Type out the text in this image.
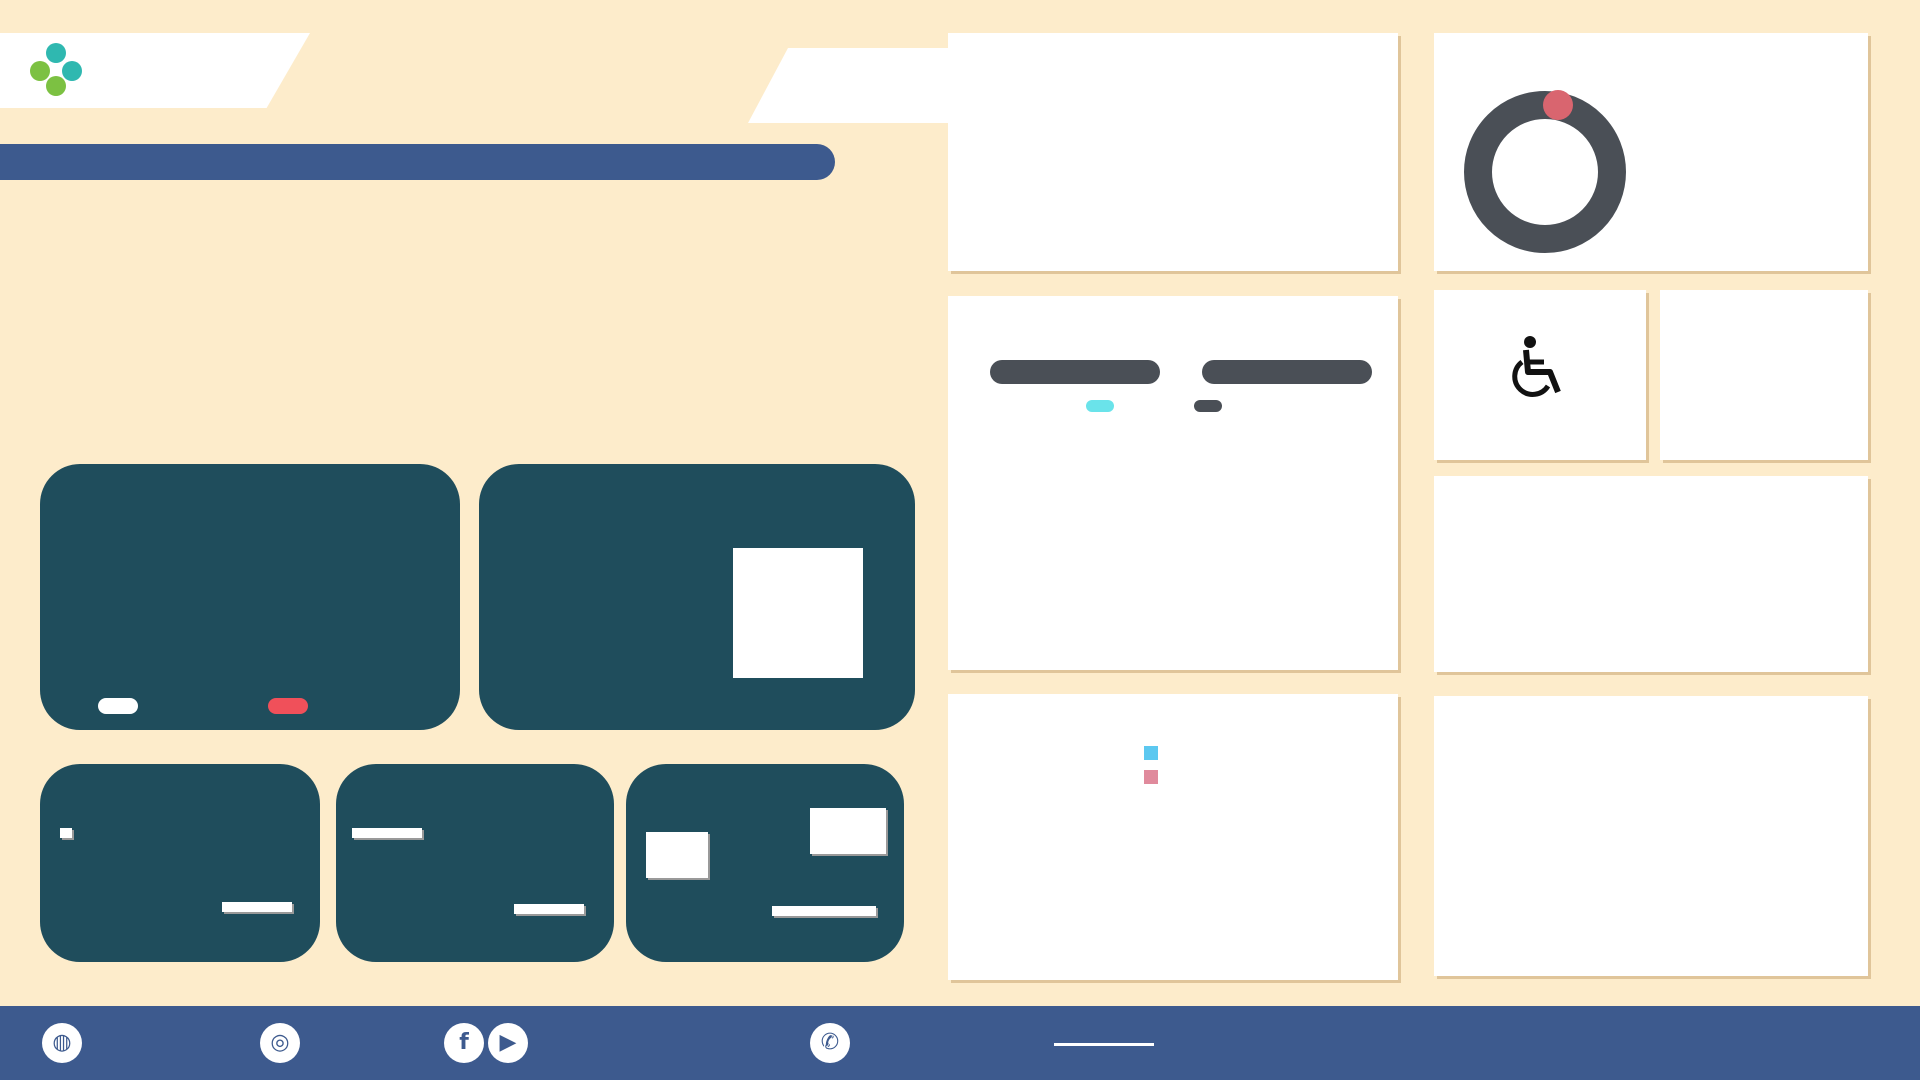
◍	◎	f	▶	✆
